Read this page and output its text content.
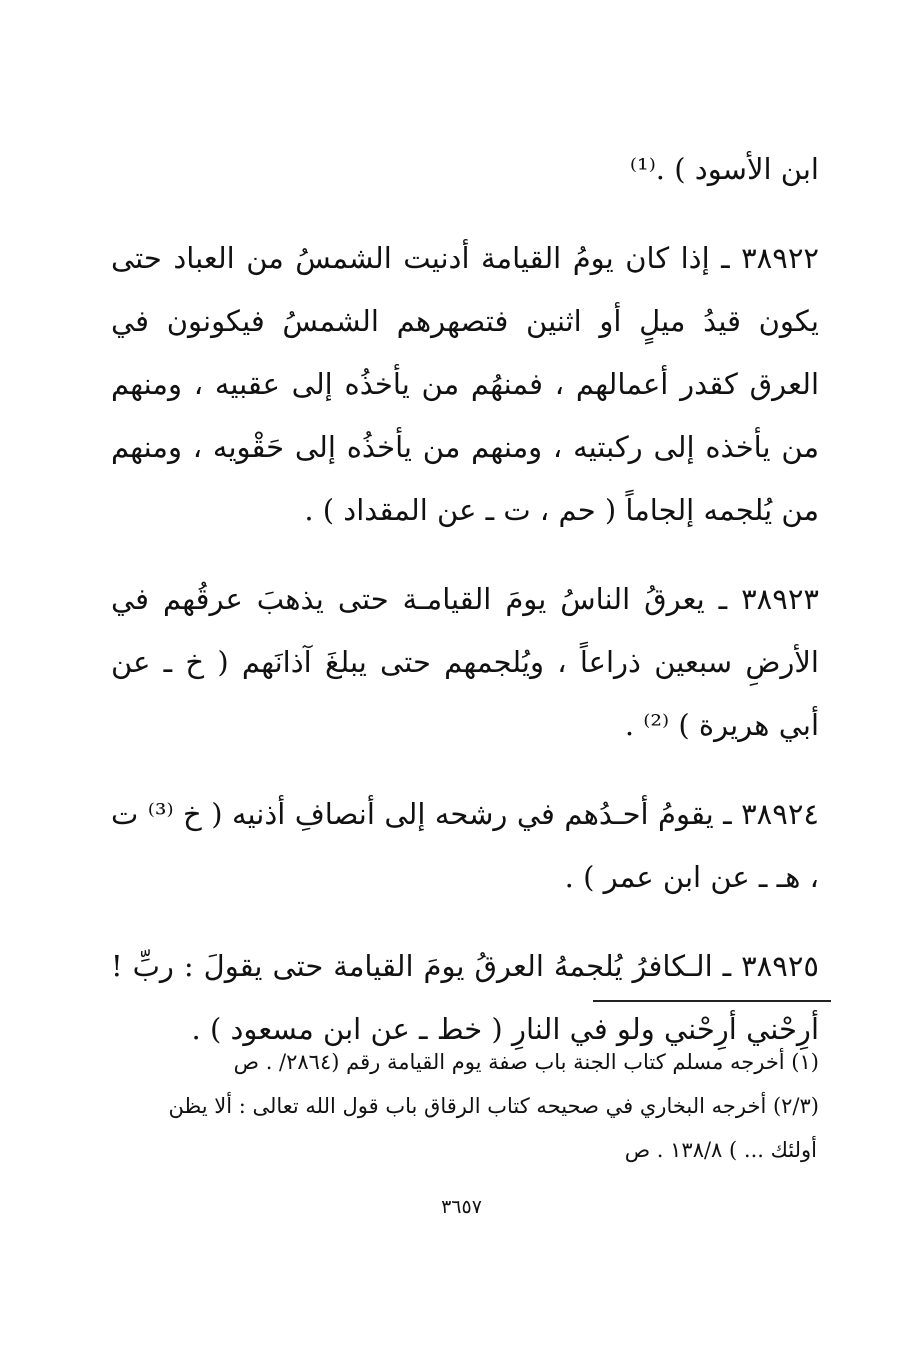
ابن الأسود ) .⁽¹⁾

٣٨٩٢٢ ـ إذا كان يومُ القيامة أدنيت الشمسُ من العباد حتى يكون قيدُ ميلٍ أو اثنين فتصهرهم الشمسُ فيكونون في العرق كقدر أعمالهم ، فمنهُم من يأخذُه إلى عقبيه ، ومنهم من يأخذه إلى ركبتيه ، ومنهم من يأخذُه إلى حَقْويه ، ومنهم من يُلجمه إلجاماً ( حم ، ت ـ عن المقداد ) .

٣٨٩٢٣ ـ يعرقُ الناسُ يومَ القيامـة حتى يذهبَ عرقُهم في الأرضِ سبعين ذراعاً ، ويُلجمهم حتى يبلغَ آذانَهم ( خ ـ عن أبي هريرة ) ⁽²⁾ .

٣٨٩٢٤ ـ يقومُ أحـدُهم في رشحه إلى أنصافِ أذنيه ( خ ⁽³⁾ ت ، هـ ـ عن ابن عمر ) .

٣٨٩٢٥ ـ الـكافرُ يُلجمهُ العرقُ يومَ القيامة حتى يقولَ : ربِّ ! أرِحْني أرِحْني ولو في النارِ ( خط ـ عن ابن مسعود ) .

(١) أخرجه مسلم كتاب الجنة باب صفة يوم القيامة رقم (٢٨٦٤/ . ص

(٢/٣) أخرجه البخاري في صحيحه كتاب الرقاق باب قول الله تعالى : ألا يظن

أولئك ... ) ١٣٨/٨ . ص

٣٦٥٧
